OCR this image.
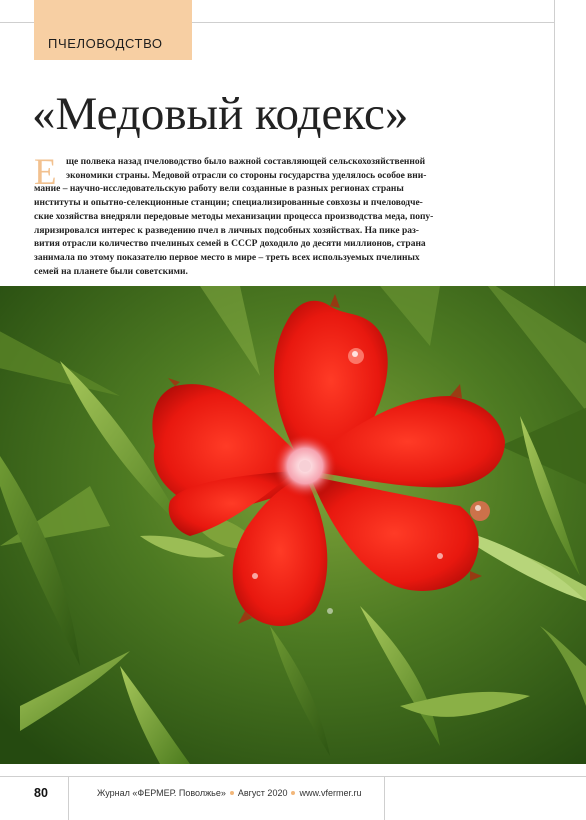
ПЧЕЛОВОДСТВО
«Медовый кодекс»
Е ще полвека назад пчеловодство было важной составляющей сельскохозяйственной
экономики страны. Медовой отрасли со стороны государства уделялось особое вни-
мание – научно-исследовательскую работу вели созданные в разных регионах страны
институты и опытно-селекционные станции; специализированные совхозы и пчеловодче-
ские хозяйства внедряли передовые методы механизации процесса производства меда, попу-
ляризировался интерес к разведению пчел в личных подсобных хозяйствах. На пике раз-
вития отрасли количество пчелиных семей в СССР доходило до десяти миллионов, страна
занимала по этому показателю первое место в мире – треть всех используемых пчелиных
семей на планете были советскими.
80	Журнал «ФЕРМЕР. Поволжье» Август 2020 www.vfermer.ru
